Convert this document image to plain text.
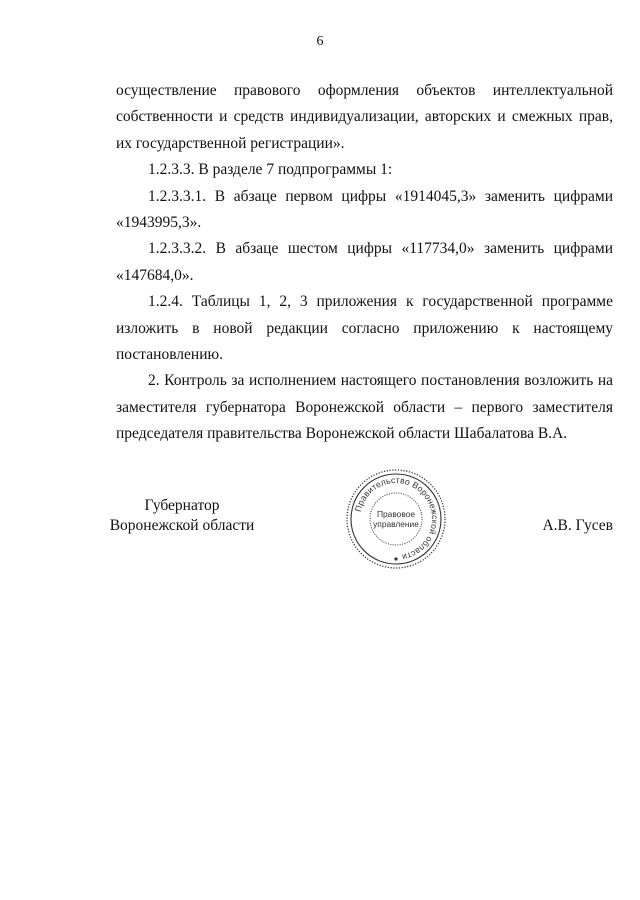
6

осуществление правового оформления объектов интеллектуальной собственности и средств индивидуализации, авторских и смежных прав, их государственной регистрации».

1.2.3.3. В разделе 7 подпрограммы 1:

1.2.3.3.1. В абзаце первом цифры «1914045,3» заменить цифрами «1943995,3».

1.2.3.3.2. В абзаце шестом цифры «117734,0» заменить цифрами «147684,0».

1.2.4. Таблицы 1, 2, 3 приложения к государственной программе изложить в новой редакции согласно приложению к настоящему постановлению.

2. Контроль за исполнением настоящего постановления возложить на заместителя губернатора Воронежской области – первого заместителя председателя правительства Воронежской области Шабалатова В.А.

Губернатор
Воронежской области
Правительство Воронежской области
Правовое
управление	А.В. Гусев
